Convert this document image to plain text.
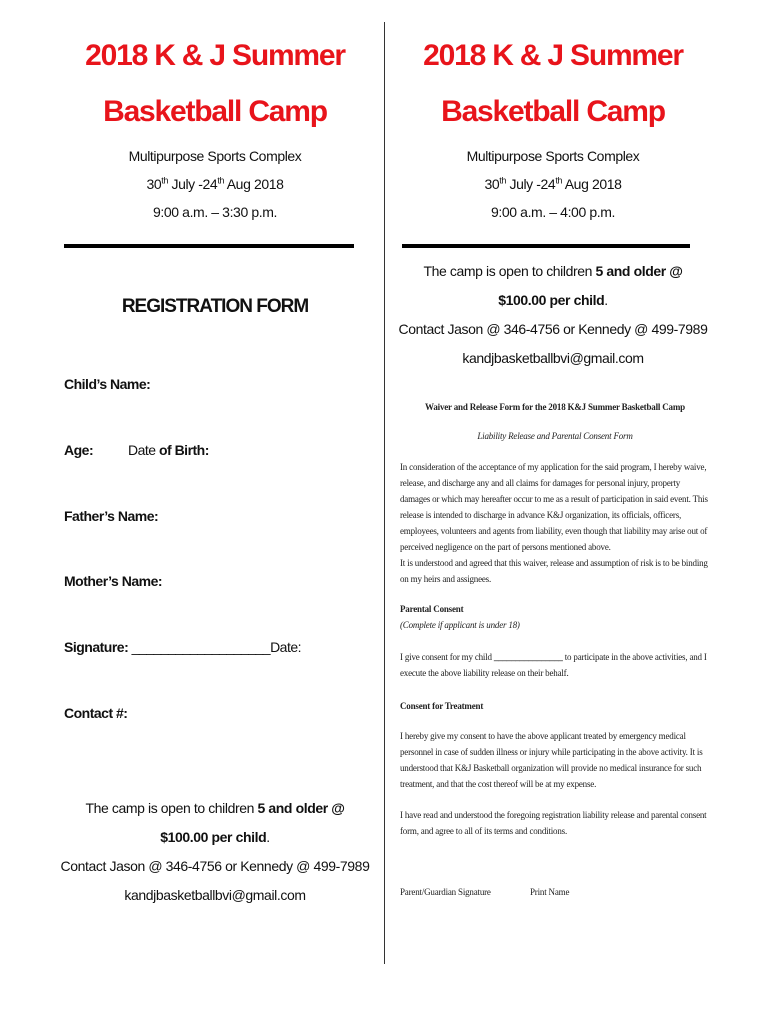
2018 K & J Summer
Basketball Camp
Multipurpose Sports Complex
30th July -24th Aug 2018
9:00 a.m. – 3:30 p.m.
REGISTRATION FORM
Child’s Name:
Age: Date of Birth:
Father’s Name:
Mother’s Name:
Signature: ___________________Date:
Contact #:
The camp is open to children 5 and older @ $100.00 per child.
Contact Jason @ 346-4756 or Kennedy @ 499-7989
kandjbasketballbvi@gmail.com
2018 K & J Summer
Basketball Camp
Multipurpose Sports Complex
30th July -24th Aug 2018
9:00 a.m. – 4:00 p.m.
The camp is open to children 5 and older @ $100.00 per child.
Contact Jason @ 346-4756 or Kennedy @ 499-7989
kandjbasketballbvi@gmail.com
Waiver and Release Form for the 2018 K&J Summer Basketball Camp
Liability Release and Parental Consent Form
In consideration of the acceptance of my application for the said program, I hereby waive, release, and discharge any and all claims for damages for personal injury, property damages or which may hereafter occur to me as a result of participation in said event. This release is intended to discharge in advance K&J organization, its officials, officers, employees, volunteers and agents from liability, even though that liability may arise out of perceived negligence on the part of persons mentioned above.
It is understood and agreed that this waiver, release and assumption of risk is to be binding on my heirs and assignees.
Parental Consent
(Complete if applicant is under 18)
I give consent for my child ________________ to participate in the above activities, and I execute the above liability release on their behalf.
Consent for Treatment
I hereby give my consent to have the above applicant treated by emergency medical personnel in case of sudden illness or injury while participating in the above activity. It is understood that K&J Basketball organization will provide no medical insurance for such treatment, and that the cost thereof will be at my expense.
I have read and understood the foregoing registration liability release and parental consent form, and agree to all of its terms and conditions.
Parent/Guardian Signature	Print Name
